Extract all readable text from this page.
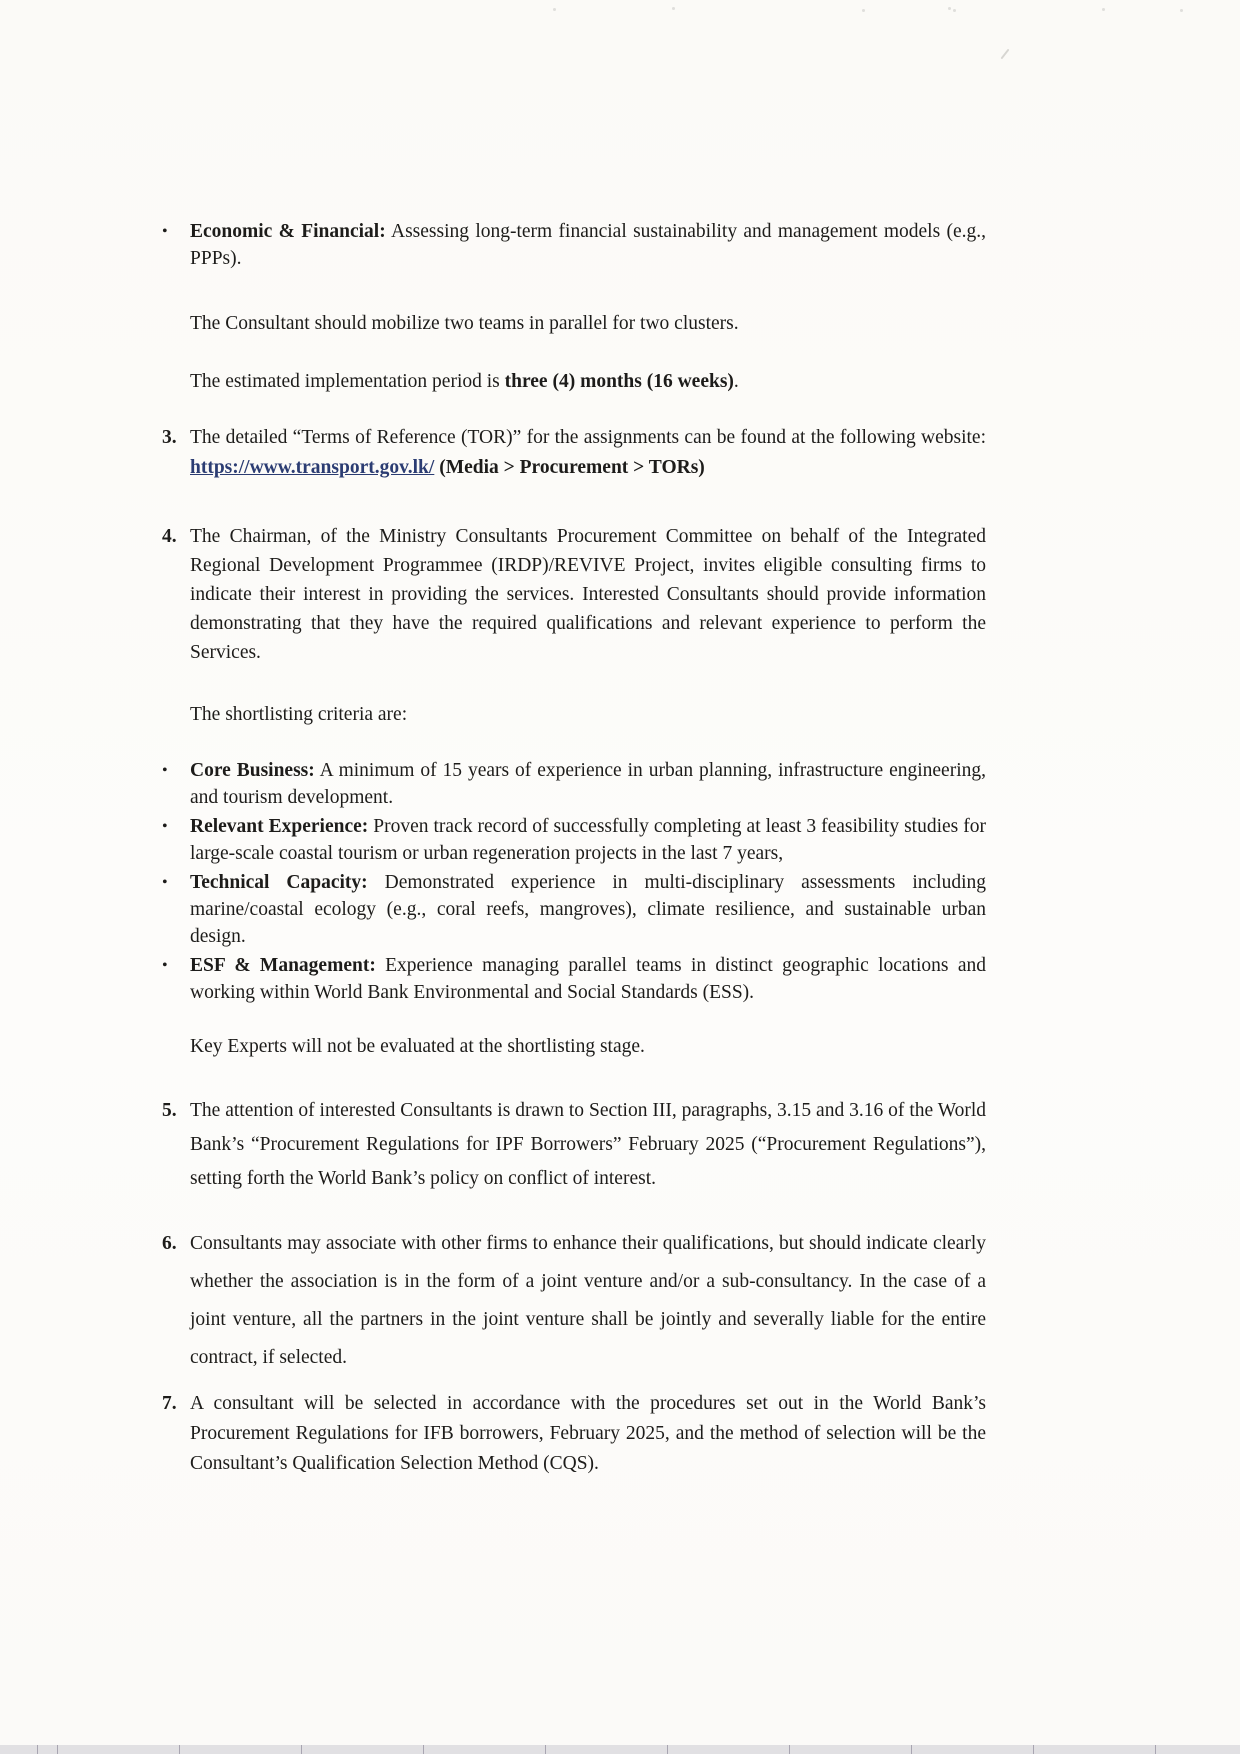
•	Economic & Financial: Assessing long-term financial sustainability and management models (e.g., PPPs).

The Consultant should mobilize two teams in parallel for two clusters.

The estimated implementation period is three (4) months (16 weeks).

3. The detailed “Terms of Reference (TOR)” for the assignments can be found at the following website: https://www.transport.gov.lk/ (Media > Procurement > TORs)

4. The Chairman, of the Ministry Consultants Procurement Committee on behalf of the Integrated Regional Development Programmee (IRDP)/REVIVE Project, invites eligible consulting firms to indicate their interest in providing the services. Interested Consultants should provide information demonstrating that they have the required qualifications and relevant experience to perform the Services.

The shortlisting criteria are:

•	Core Business: A minimum of 15 years of experience in urban planning, infrastructure engineering, and tourism development.

•	Relevant Experience: Proven track record of successfully completing at least 3 feasibility studies for large-scale coastal tourism or urban regeneration projects in the last 7 years,

•	Technical Capacity: Demonstrated experience in multi-disciplinary assessments including marine/coastal ecology (e.g., coral reefs, mangroves), climate resilience, and sustainable urban design.

•	ESF & Management: Experience managing parallel teams in distinct geographic locations and working within World Bank Environmental and Social Standards (ESS).

Key Experts will not be evaluated at the shortlisting stage.

5. The attention of interested Consultants is drawn to Section III, paragraphs, 3.15 and 3.16 of the World Bank’s “Procurement Regulations for IPF Borrowers” February 2025 (“Procurement Regulations”), setting forth the World Bank’s policy on conflict of interest.

6. Consultants may associate with other firms to enhance their qualifications, but should indicate clearly whether the association is in the form of a joint venture and/or a sub-consultancy. In the case of a joint venture, all the partners in the joint venture shall be jointly and severally liable for the entire contract, if selected.

7. A consultant will be selected in accordance with the procedures set out in the World Bank’s Procurement Regulations for IFB borrowers, February 2025, and the method of selection will be the Consultant’s Qualification Selection Method (CQS).
